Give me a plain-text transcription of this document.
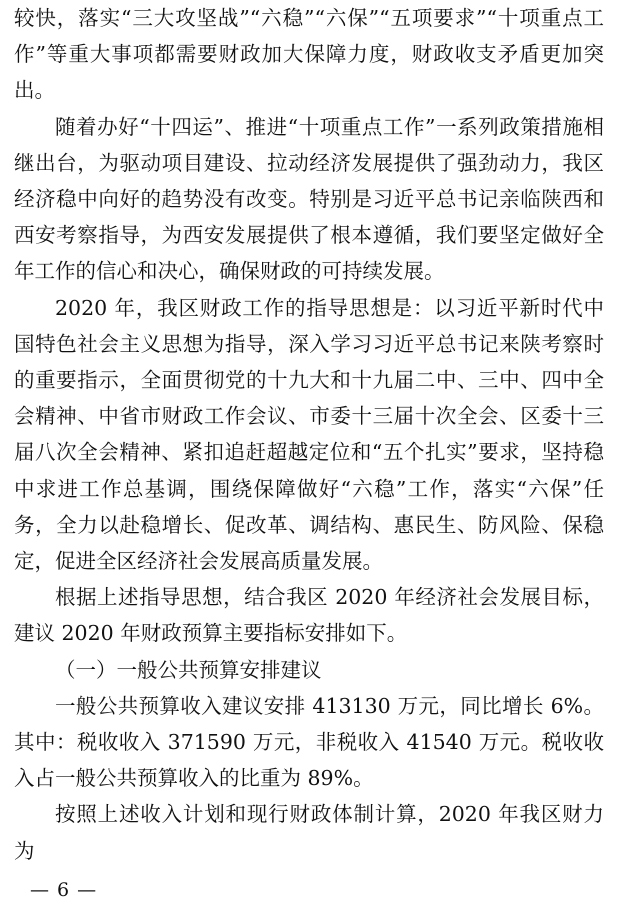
较快，落实“三大攻坚战”“六稳”“六保”“五项要求”“十项重点工作”等重大事项都需要财政加大保障力度，财政收支矛盾更加突出。

随着办好“十四运”、推进“十项重点工作”一系列政策措施相继出台，为驱动项目建设、拉动经济发展提供了强劲动力，我区经济稳中向好的趋势没有改变。特别是习近平总书记亲临陕西和西安考察指导，为西安发展提供了根本遵循，我们要坚定做好全年工作的信心和决心，确保财政的可持续发展。

2020 年，我区财政工作的指导思想是：以习近平新时代中国特色社会主义思想为指导，深入学习习近平总书记来陕考察时的重要指示，全面贯彻党的十九大和十九届二中、三中、四中全会精神、中省市财政工作会议、市委十三届十次全会、区委十三届八次全会精神、紧扣追赶超越定位和“五个扎实”要求，坚持稳中求进工作总基调，围绕保障做好“六稳”工作，落实“六保”任务，全力以赴稳增长、促改革、调结构、惠民生、防风险、保稳定，促进全区经济社会发展高质量发展。

根据上述指导思想，结合我区 2020 年经济社会发展目标，建议 2020 年财政预算主要指标安排如下。

（一）一般公共预算安排建议

一般公共预算收入建议安排 413130 万元，同比增长 6%。其中：税收收入 371590 万元，非税收入 41540 万元。税收收入占一般公共预算收入的比重为 89%。

按照上述收入计划和现行财政体制计算，2020 年我区财力为

— 6 —
